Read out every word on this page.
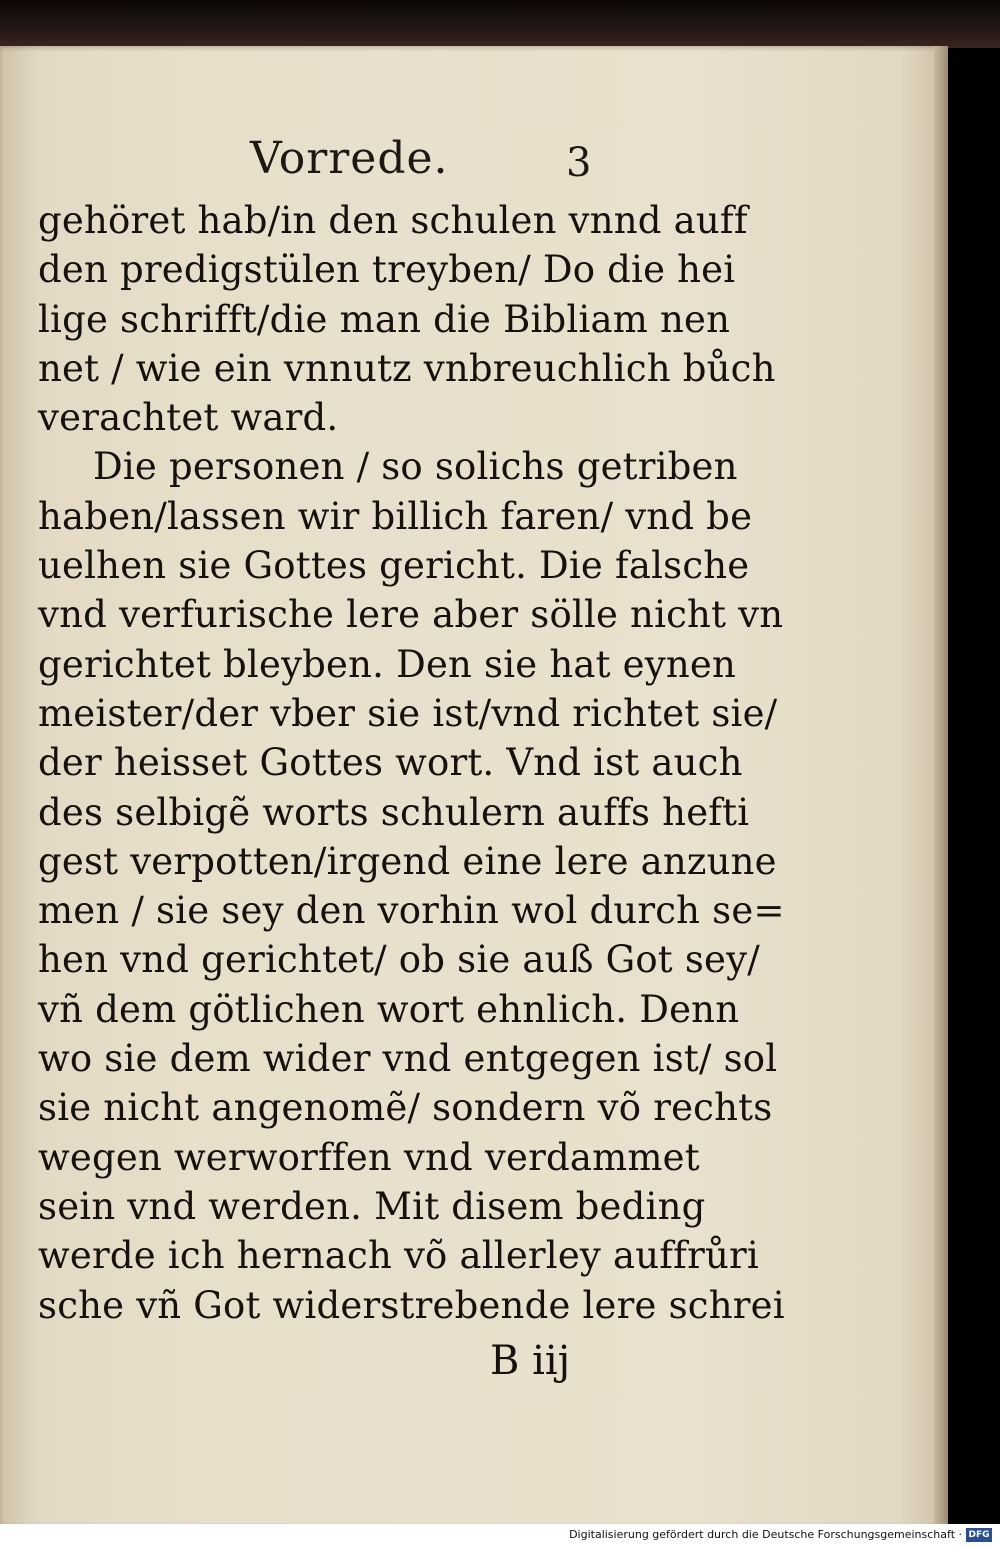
Vorrede.	3
gehöret hab/in den schulen vnnd auff
den predigstülen treyben/ Do die hei
lige schrifft/die man die Bibliam nen
net / wie ein vnnutz vnbreuchlich bůch
verachtet ward.
Die personen / so solichs getriben
haben/lassen wir billich faren/ vnd be
uelhen sie Gottes gericht. Die falsche
vnd verfurische lere aber sölle nicht vn
gerichtet bleyben. Den sie hat eynen
meister/der vber sie ist/vnd richtet sie/
der heisset Gottes wort. Vnd ist auch
des selbigẽ worts schulern auffs hefti
gest verpotten/irgend eine lere anzune
men / sie sey den vorhin wol durch se=
hen vnd gerichtet/ ob sie auß Got sey/
vñ dem götlichen wort ehnlich. Denn
wo sie dem wider vnd entgegen ist/ sol
sie nicht angenomẽ/ sondern võ rechts
wegen werworffen vnd verdammet
sein vnd werden. Mit disem beding
werde ich hernach võ allerley auffrůri
sche vñ Got widerstrebende lere schrei
B iij
Digitalisierung gefördert durch die Deutsche Forschungsgemeinschaft · DFG
